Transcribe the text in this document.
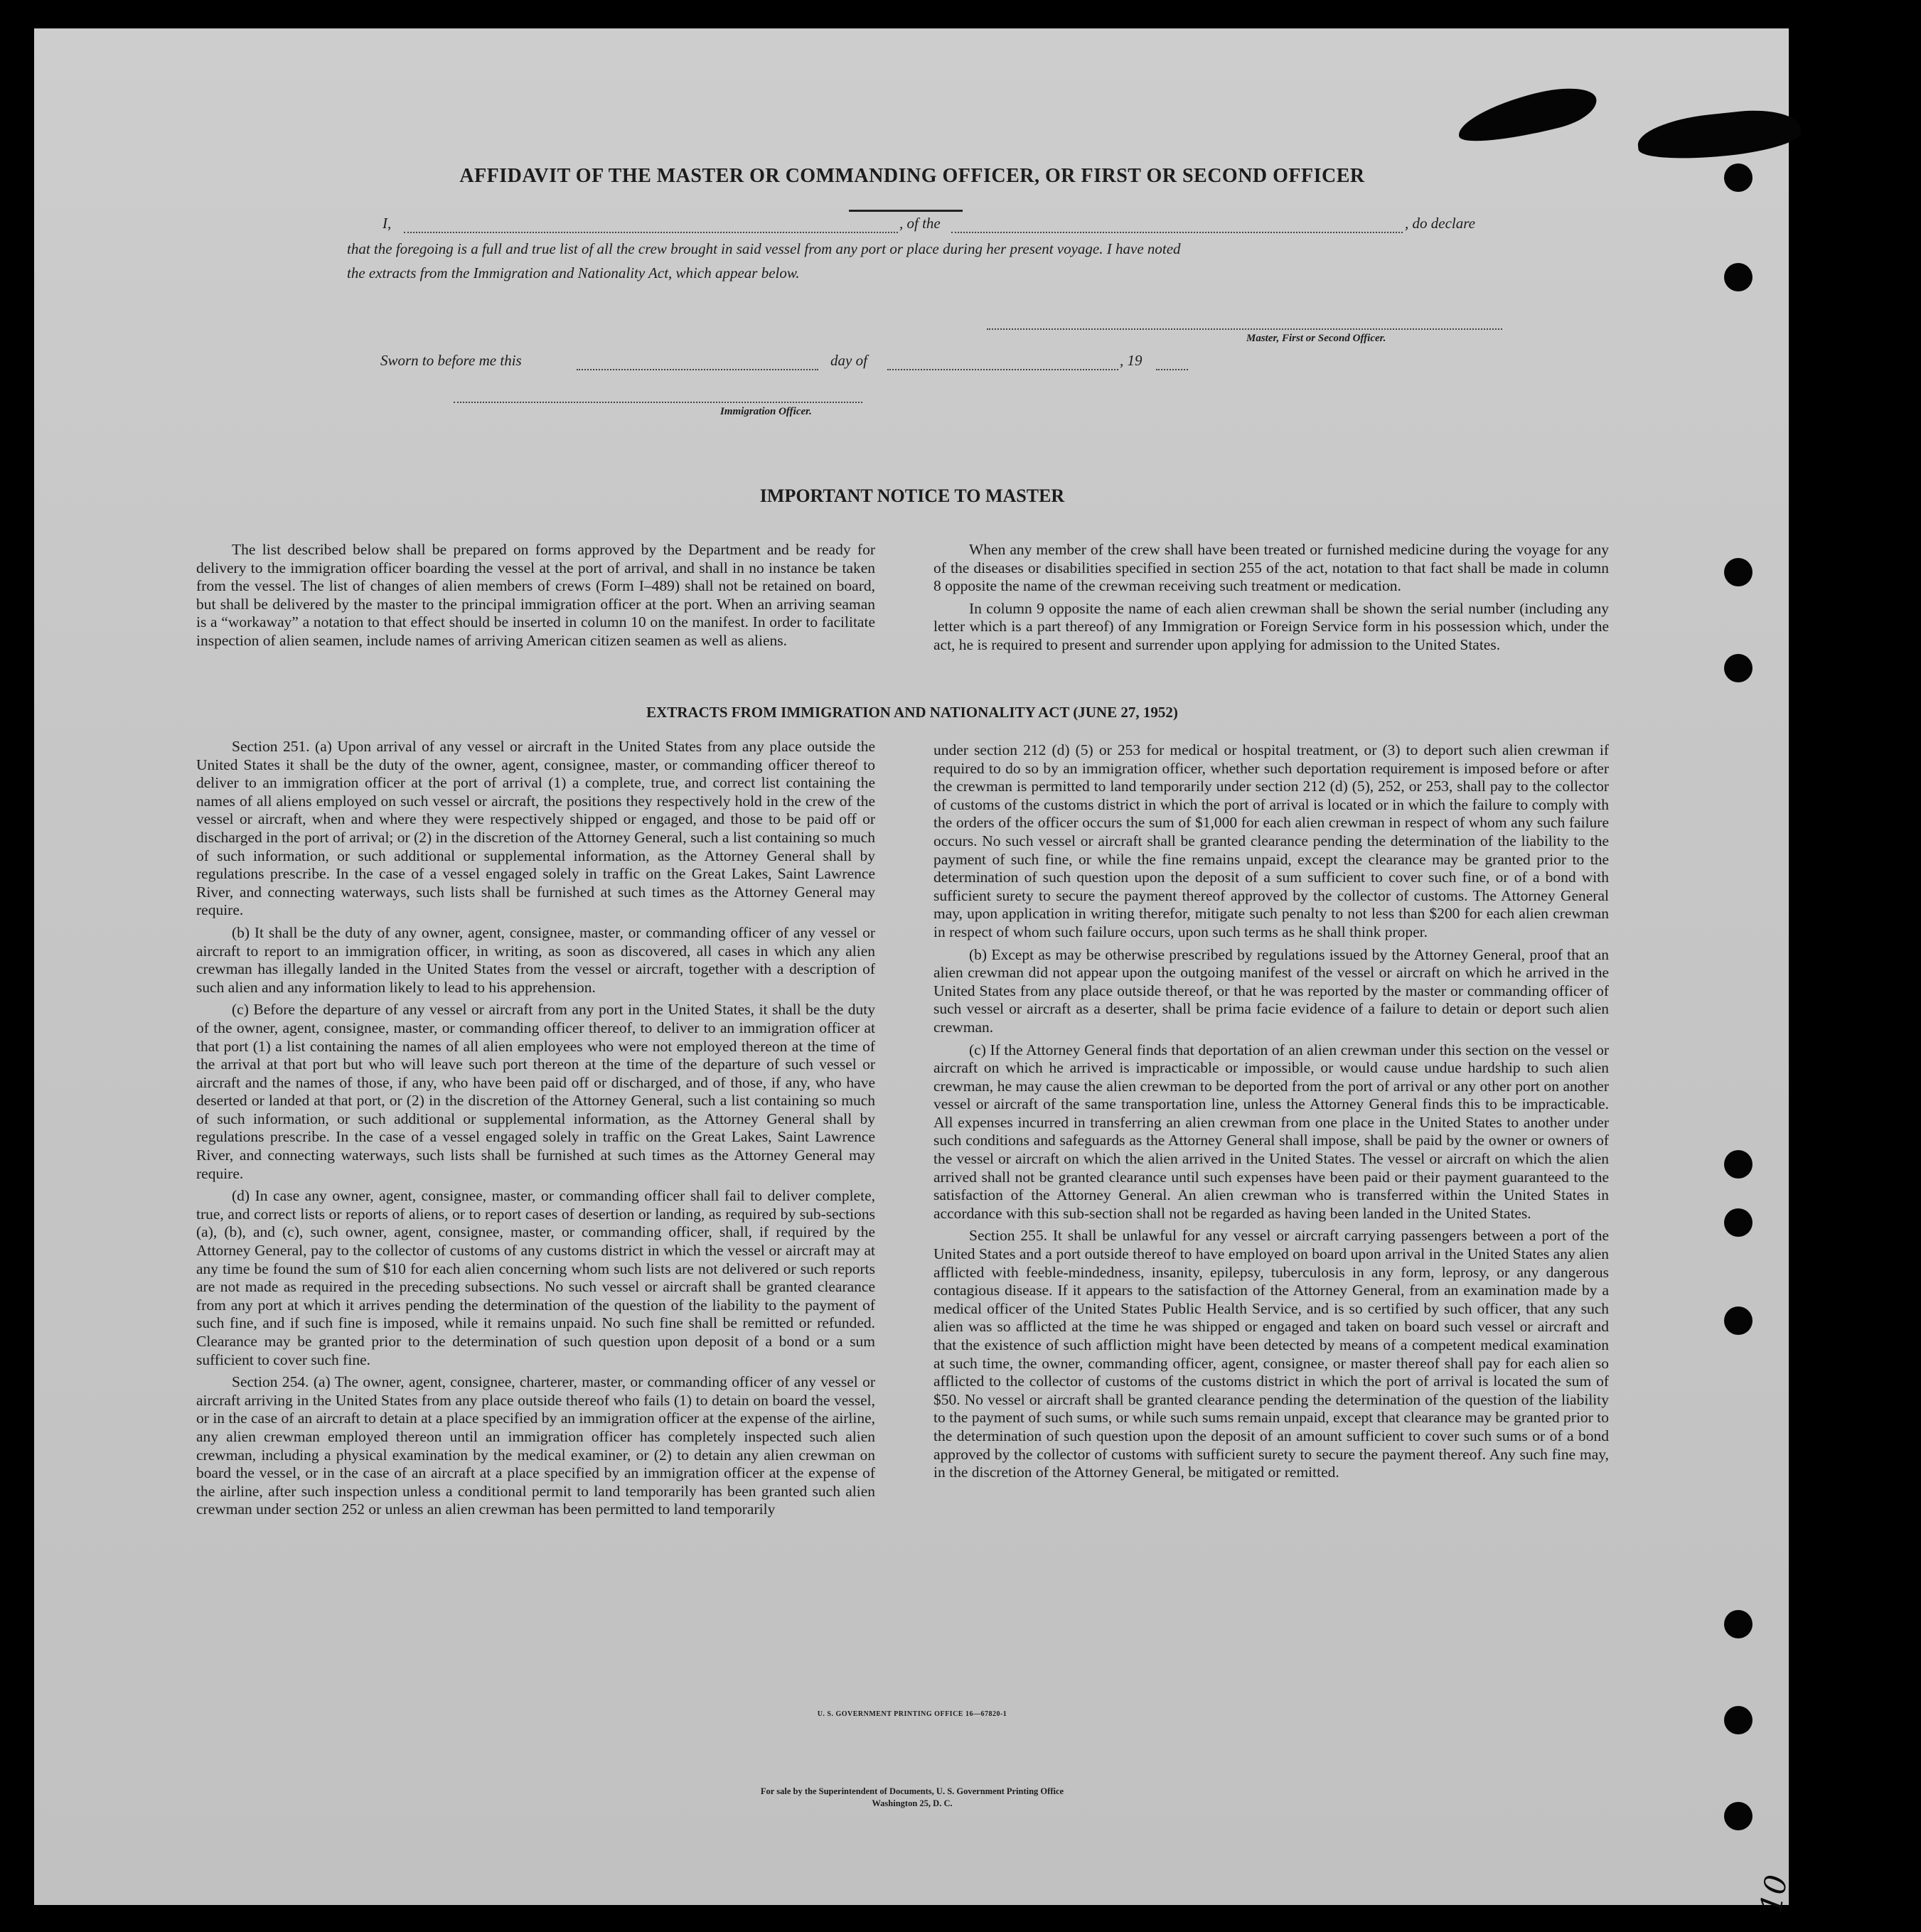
AFFIDAVIT OF THE MASTER OR COMMANDING OFFICER, OR FIRST OR SECOND OFFICER
I,	, of the	, do declare
that the foregoing is a full and true list of all the crew brought in said vessel from any port or place during her present voyage. I have noted
the extracts from the Immigration and Nationality Act, which appear below.
Master, First or Second Officer.
Sworn to before me this	day of	, 19
Immigration Officer.
IMPORTANT NOTICE TO MASTER

The list described below shall be prepared on forms approved by the Department and be ready for delivery to the immigration officer boarding the vessel at the port of arrival, and shall in no instance be taken from the vessel. The list of changes of alien members of crews (Form I–489) shall not be retained on board, but shall be delivered by the master to the principal immigration officer at the port. When an arriving seaman is a “workaway” a notation to that effect should be inserted in column 10 on the manifest. In order to facilitate inspection of alien seamen, include names of arriving American citizen seamen as well as aliens.

When any member of the crew shall have been treated or furnished medicine during the voyage for any of the diseases or disabilities specified in section 255 of the act, notation to that fact shall be made in column 8 opposite the name of the crewman receiving such treatment or medication.

In column 9 opposite the name of each alien crewman shall be shown the serial number (including any letter which is a part thereof) of any Immigration or Foreign Service form in his possession which, under the act, he is required to present and surrender upon applying for admission to the United States.

EXTRACTS FROM IMMIGRATION AND NATIONALITY ACT (JUNE 27, 1952)

Section 251. (a) Upon arrival of any vessel or aircraft in the United States from any place outside the United States it shall be the duty of the owner, agent, consignee, master, or commanding officer thereof to deliver to an immigration officer at the port of arrival (1) a complete, true, and correct list containing the names of all aliens employed on such vessel or aircraft, the positions they respectively hold in the crew of the vessel or aircraft, when and where they were respectively shipped or engaged, and those to be paid off or discharged in the port of arrival; or (2) in the discretion of the Attorney General, such a list containing so much of such information, or such additional or supplemental information, as the Attorney General shall by regulations prescribe. In the case of a vessel engaged solely in traffic on the Great Lakes, Saint Lawrence River, and connecting waterways, such lists shall be furnished at such times as the Attorney General may require.

(b) It shall be the duty of any owner, agent, consignee, master, or commanding officer of any vessel or aircraft to report to an immigration officer, in writing, as soon as discovered, all cases in which any alien crewman has illegally landed in the United States from the vessel or aircraft, together with a description of such alien and any information likely to lead to his apprehension.

(c) Before the departure of any vessel or aircraft from any port in the United States, it shall be the duty of the owner, agent, consignee, master, or commanding officer thereof, to deliver to an immigration officer at that port (1) a list containing the names of all alien employees who were not employed thereon at the time of the arrival at that port but who will leave such port thereon at the time of the departure of such vessel or aircraft and the names of those, if any, who have been paid off or discharged, and of those, if any, who have deserted or landed at that port, or (2) in the discretion of the Attorney General, such a list containing so much of such information, or such additional or supplemental information, as the Attorney General shall by regulations prescribe. In the case of a vessel engaged solely in traffic on the Great Lakes, Saint Lawrence River, and connecting waterways, such lists shall be furnished at such times as the Attorney General may require.

(d) In case any owner, agent, consignee, master, or commanding officer shall fail to deliver complete, true, and correct lists or reports of aliens, or to report cases of desertion or landing, as required by sub-sections (a), (b), and (c), such owner, agent, consignee, master, or commanding officer, shall, if required by the Attorney General, pay to the collector of customs of any customs district in which the vessel or aircraft may at any time be found the sum of $10 for each alien concerning whom such lists are not delivered or such reports are not made as required in the preceding subsections. No such vessel or aircraft shall be granted clearance from any port at which it arrives pending the determination of the question of the liability to the payment of such fine, and if such fine is imposed, while it remains unpaid. No such fine shall be remitted or refunded. Clearance may be granted prior to the determination of such question upon deposit of a bond or a sum sufficient to cover such fine.

Section 254. (a) The owner, agent, consignee, charterer, master, or commanding officer of any vessel or aircraft arriving in the United States from any place outside thereof who fails (1) to detain on board the vessel, or in the case of an aircraft to detain at a place specified by an immigration officer at the expense of the airline, any alien crewman employed thereon until an immigration officer has completely inspected such alien crewman, including a physical examination by the medical examiner, or (2) to detain any alien crewman on board the vessel, or in the case of an aircraft at a place specified by an immigration officer at the expense of the airline, after such inspection unless a conditional permit to land temporarily has been granted such alien crewman under section 252 or unless an alien crewman has been permitted to land temporarily

under section 212 (d) (5) or 253 for medical or hospital treatment, or (3) to deport such alien crewman if required to do so by an immigration officer, whether such deportation requirement is imposed before or after the crewman is permitted to land temporarily under section 212 (d) (5), 252, or 253, shall pay to the collector of customs of the customs district in which the port of arrival is located or in which the failure to comply with the orders of the officer occurs the sum of $1,000 for each alien crewman in respect of whom any such failure occurs. No such vessel or aircraft shall be granted clearance pending the determination of the liability to the payment of such fine, or while the fine remains unpaid, except the clearance may be granted prior to the determination of such question upon the deposit of a sum sufficient to cover such fine, or of a bond with sufficient surety to secure the payment thereof approved by the collector of customs. The Attorney General may, upon application in writing therefor, mitigate such penalty to not less than $200 for each alien crewman in respect of whom such failure occurs, upon such terms as he shall think proper.

(b) Except as may be otherwise prescribed by regulations issued by the Attorney General, proof that an alien crewman did not appear upon the outgoing manifest of the vessel or aircraft on which he arrived in the United States from any place outside thereof, or that he was reported by the master or commanding officer of such vessel or aircraft as a deserter, shall be prima facie evidence of a failure to detain or deport such alien crewman.

(c) If the Attorney General finds that deportation of an alien crewman under this section on the vessel or aircraft on which he arrived is impracticable or impossible, or would cause undue hardship to such alien crewman, he may cause the alien crewman to be deported from the port of arrival or any other port on another vessel or aircraft of the same transportation line, unless the Attorney General finds this to be impracticable. All expenses incurred in transferring an alien crewman from one place in the United States to another under such conditions and safeguards as the Attorney General shall impose, shall be paid by the owner or owners of the vessel or aircraft on which the alien arrived in the United States. The vessel or aircraft on which the alien arrived shall not be granted clearance until such expenses have been paid or their payment guaranteed to the satisfaction of the Attorney General. An alien crewman who is transferred within the United States in accordance with this sub-section shall not be regarded as having been landed in the United States.

Section 255. It shall be unlawful for any vessel or aircraft carrying passengers between a port of the United States and a port outside thereof to have employed on board upon arrival in the United States any alien afflicted with feeble-mindedness, insanity, epilepsy, tuberculosis in any form, leprosy, or any dangerous contagious disease. If it appears to the satisfaction of the Attorney General, from an examination made by a medical officer of the United States Public Health Service, and is so certified by such officer, that any such alien was so afflicted at the time he was shipped or engaged and taken on board such vessel or aircraft and that the existence of such affliction might have been detected by means of a competent medical examination at such time, the owner, commanding officer, agent, consignee, or master thereof shall pay for each alien so afflicted to the collector of customs of the customs district in which the port of arrival is located the sum of $50. No vessel or aircraft shall be granted clearance pending the determination of the question of the liability to the payment of such sums, or while such sums remain unpaid, except that clearance may be granted prior to the determination of such question upon the deposit of an amount sufficient to cover such sums or of a bond approved by the collector of customs with sufficient surety to secure the payment thereof. Any such fine may, in the discretion of the Attorney General, be mitigated or remitted.

U. S. GOVERNMENT PRINTING OFFICE 16—67820-1
For sale by the Superintendent of Documents, U. S. Government Printing Office
Washington 25, D. C.
10
